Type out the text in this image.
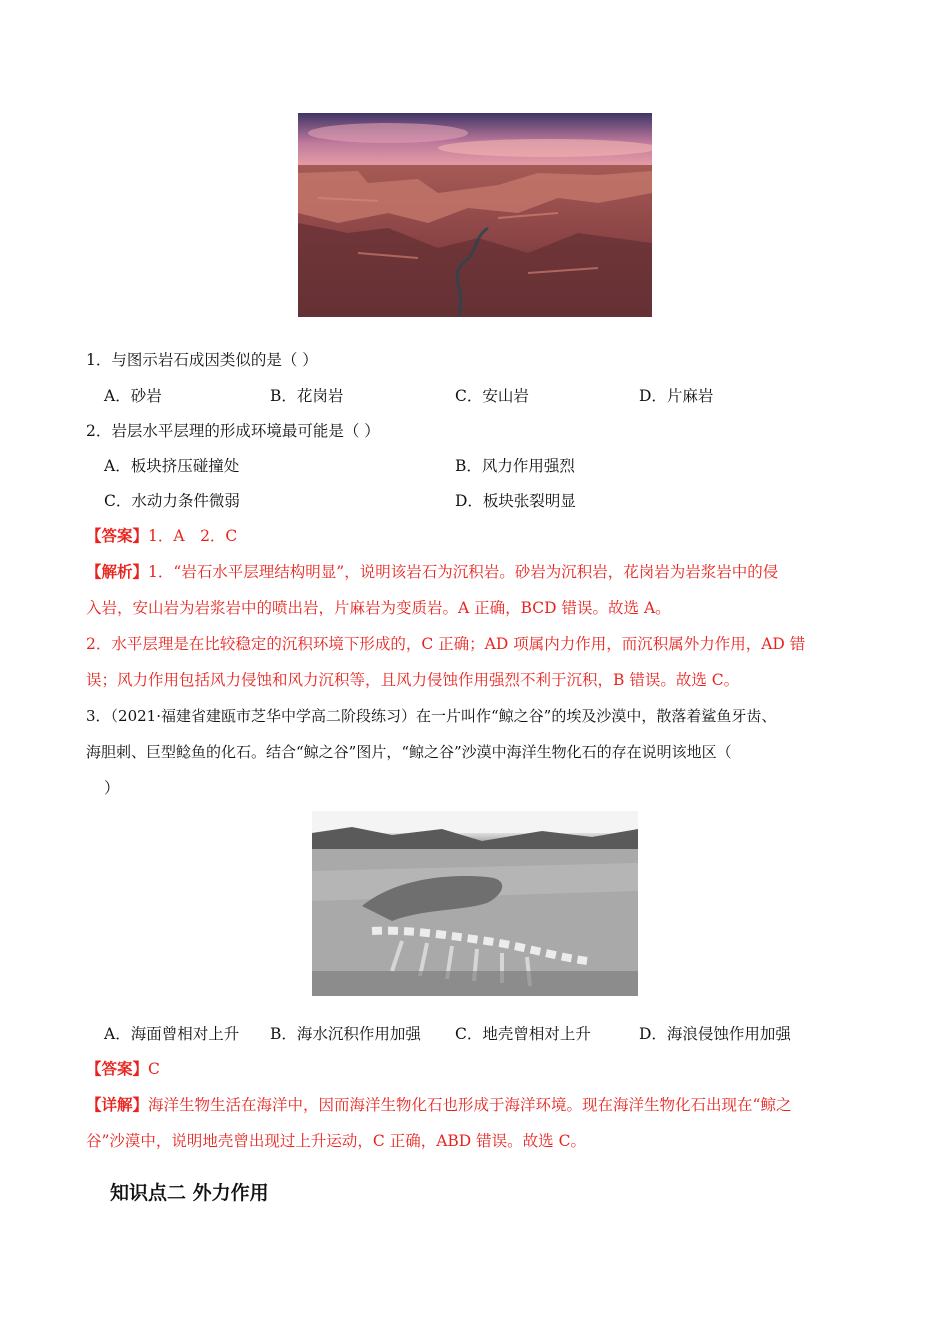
1．与图示岩石成因类似的是（ ）
A．砂岩	B．花岗岩	C．安山岩	D．片麻岩
2．岩层水平层理的形成环境最可能是（ ）
A．板块挤压碰撞处	B．风力作用强烈
C．水动力条件微弱	D．板块张裂明显
【答案】1．A　2．C
【解析】1．“岩石水平层理结构明显”，说明该岩石为沉积岩。砂岩为沉积岩，花岗岩为岩浆岩中的侵
入岩，安山岩为岩浆岩中的喷出岩，片麻岩为变质岩。A 正确，BCD 错误。故选 A。
2．水平层理是在比较稳定的沉积环境下形成的，C 正确；AD 项属内力作用，而沉积属外力作用，AD 错
误；风力作用包括风力侵蚀和风力沉积等，且风力侵蚀作用强烈不利于沉积，B 错误。故选 C。
3．（2021·福建省建瓯市芝华中学高二阶段练习）在一片叫作“鲸之谷”的埃及沙漠中，散落着鲨鱼牙齿、
海胆刺、巨型鲶鱼的化石。结合“鲸之谷”图片，“鲸之谷”沙漠中海洋生物化石的存在说明该地区（
）
A．海面曾相对上升 B．海水沉积作用加强 C．地壳曾相对上升	D．海浪侵蚀作用加强
【答案】C
【详解】海洋生物生活在海洋中，因而海洋生物化石也形成于海洋环境。现在海洋生物化石出现在“鲸之
谷”沙漠中，说明地壳曾出现过上升运动，C 正确，ABD 错误。故选 C。
知识点二 外力作用
